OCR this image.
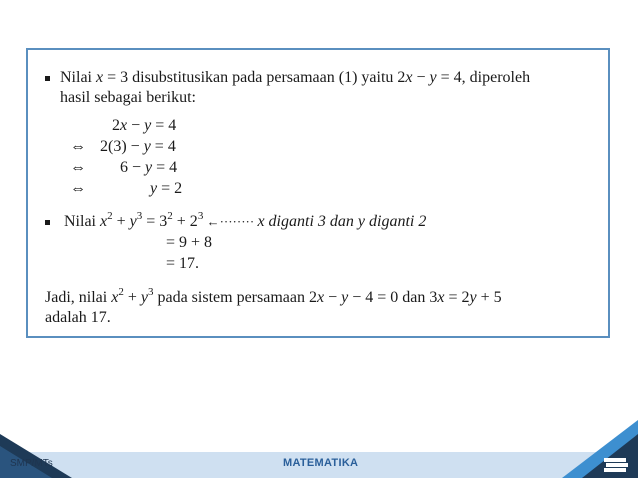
Nilai x = 3 disubstitusikan pada persamaan (1) yaitu 2x − y = 4, diperoleh
hasil sebagai berikut:
2x − y = 4
⇔ 2(3) − y = 4
⇔ 6 − y = 4
⇔	y = 2
Nilai $x^2 + y^3 = 3^2 + 2^3$ ←········ x diganti 3 dan y diganti 2
= 9 + 8
= 17.
Jadi, nilai $x^2 + y^3$ pada sistem persamaan 2x − y − 4 = 0 dan 3x = 2y + 5
adalah 17.
SMP/MTs	MATEMATIKA
